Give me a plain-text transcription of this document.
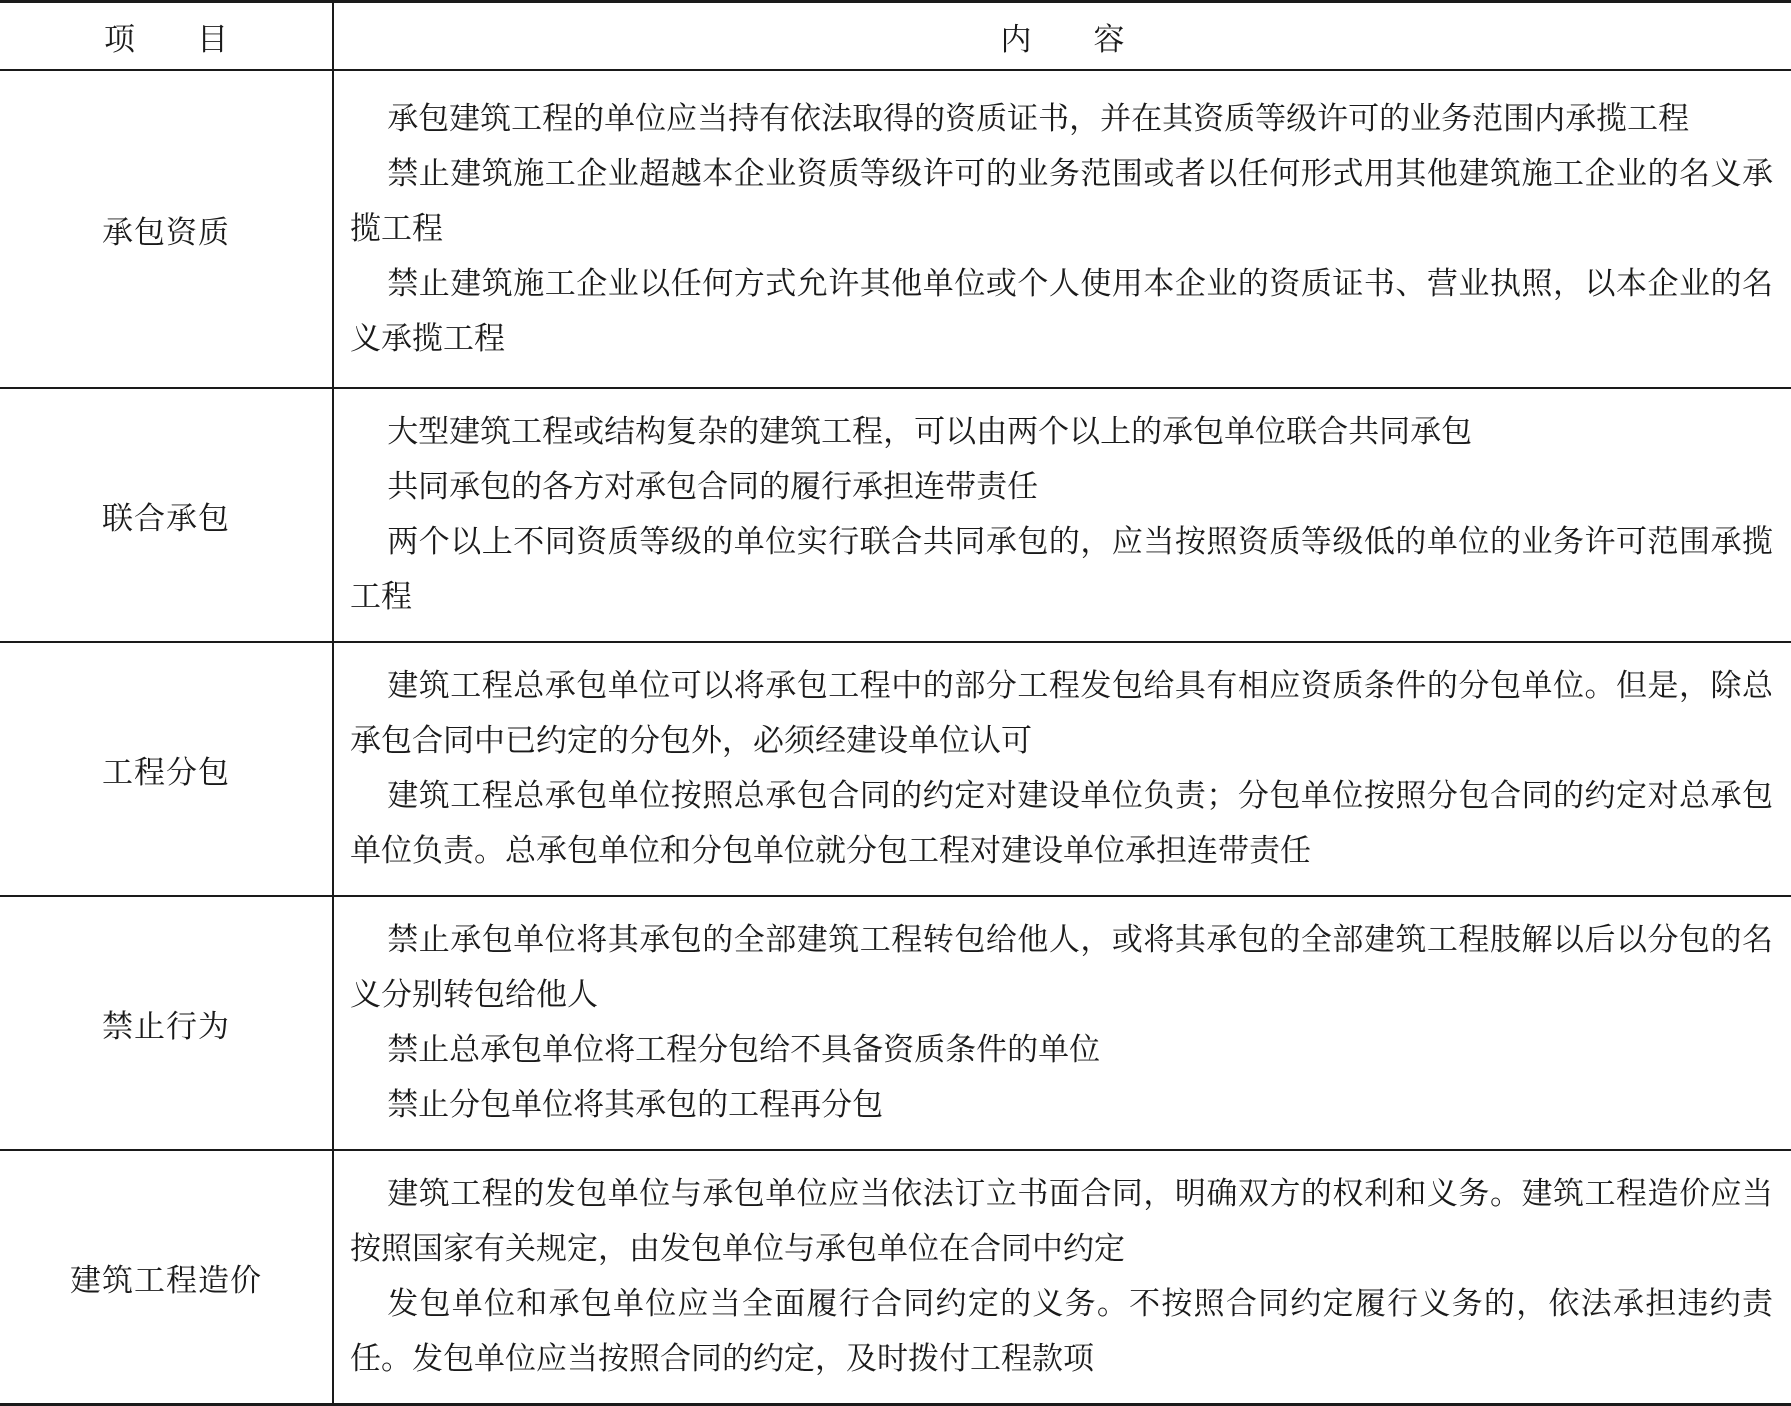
项　　目	内　　容
承包资质	承包建筑工程的单位应当持有依法取得的资质证书，并在其资质等级许可的业务范围内承揽工程

禁止建筑施工企业超越本企业资质等级许可的业务范围或者以任何形式用其他建筑施工企业的名义承揽工程

禁止建筑施工企业以任何方式允许其他单位或个人使用本企业的资质证书、营业执照，以本企业的名义承揽工程

联合承包	大型建筑工程或结构复杂的建筑工程，可以由两个以上的承包单位联合共同承包

共同承包的各方对承包合同的履行承担连带责任

两个以上不同资质等级的单位实行联合共同承包的，应当按照资质等级低的单位的业务许可范围承揽工程

工程分包	建筑工程总承包单位可以将承包工程中的部分工程发包给具有相应资质条件的分包单位。但是，除总承包合同中已约定的分包外，必须经建设单位认可

建筑工程总承包单位按照总承包合同的约定对建设单位负责；分包单位按照分包合同的约定对总承包单位负责。总承包单位和分包单位就分包工程对建设单位承担连带责任

禁止行为	禁止承包单位将其承包的全部建筑工程转包给他人，或将其承包的全部建筑工程肢解以后以分包的名义分别转包给他人

禁止总承包单位将工程分包给不具备资质条件的单位

禁止分包单位将其承包的工程再分包

建筑工程造价	建筑工程的发包单位与承包单位应当依法订立书面合同，明确双方的权利和义务。建筑工程造价应当按照国家有关规定，由发包单位与承包单位在合同中约定

发包单位和承包单位应当全面履行合同约定的义务。不按照合同约定履行义务的，依法承担违约责任。发包单位应当按照合同的约定，及时拨付工程款项
